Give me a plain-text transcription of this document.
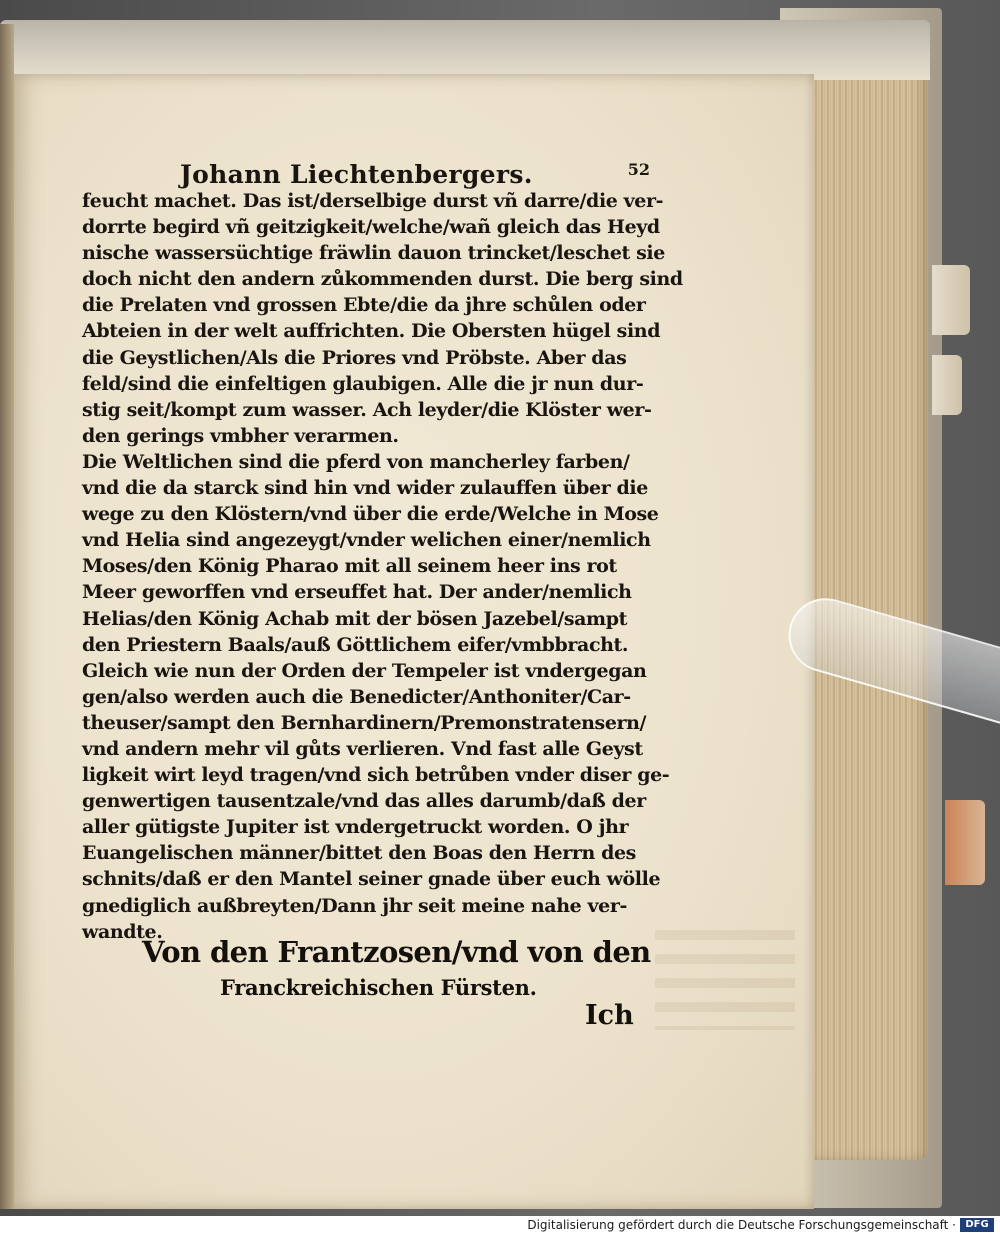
Johann Liechtenbergers.	52
feucht machet. Das ist/derselbige durst vñ darre/die ver-
dorrte begird vñ geitzigkeit/welche/wañ gleich das Heyd
nische wassersüchtige fräwlin dauon trincket/leschet sie
doch nicht den andern zůkommenden durst. Die berg sind
die Prelaten vnd grossen Ebte/die da jhre schůlen oder
Abteien in der welt auffrichten. Die Obersten hügel sind
die Geystlichen/Als die Priores vnd Pröbste. Aber das
feld/sind die einfeltigen glaubigen. Alle die jr nun dur-
stig seit/kompt zum wasser. Ach leyder/die Klöster wer-
den gerings vmbher verarmen.
Die Weltlichen sind die pferd von mancherley farben/
vnd die da starck sind hin vnd wider zulauffen über die
wege zu den Klöstern/vnd über die erde/Welche in Mose
vnd Helia sind angezeygt/vnder welichen einer/nemlich
Moses/den König Pharao mit all seinem heer ins rot
Meer geworffen vnd erseuffet hat. Der ander/nemlich
Helias/den König Achab mit der bösen Jazebel/sampt
den Priestern Baals/auß Göttlichem eifer/vmbbracht.
Gleich wie nun der Orden der Tempeler ist vndergegan
gen/also werden auch die Benedicter/Anthoniter/Car-
theuser/sampt den Bernhardinern/Premonstratensern/
vnd andern mehr vil gůts verlieren. Vnd fast alle Geyst
ligkeit wirt leyd tragen/vnd sich betrůben vnder diser ge-
genwertigen tausentzale/vnd das alles darumb/daß der
aller gütigste Jupiter ist vndergetruckt worden. O jhr
Euangelischen männer/bittet den Boas den Herrn des
schnits/daß er den Mantel seiner gnade über euch wölle
gnediglich außbreyten/Dann jhr seit meine nahe ver-
wandte.
Von den Frantzosen/vnd von den
Franckreichischen Fürsten.
Ich
Digitalisierung gefördert durch die Deutsche Forschungsgemeinschaft · DFG
